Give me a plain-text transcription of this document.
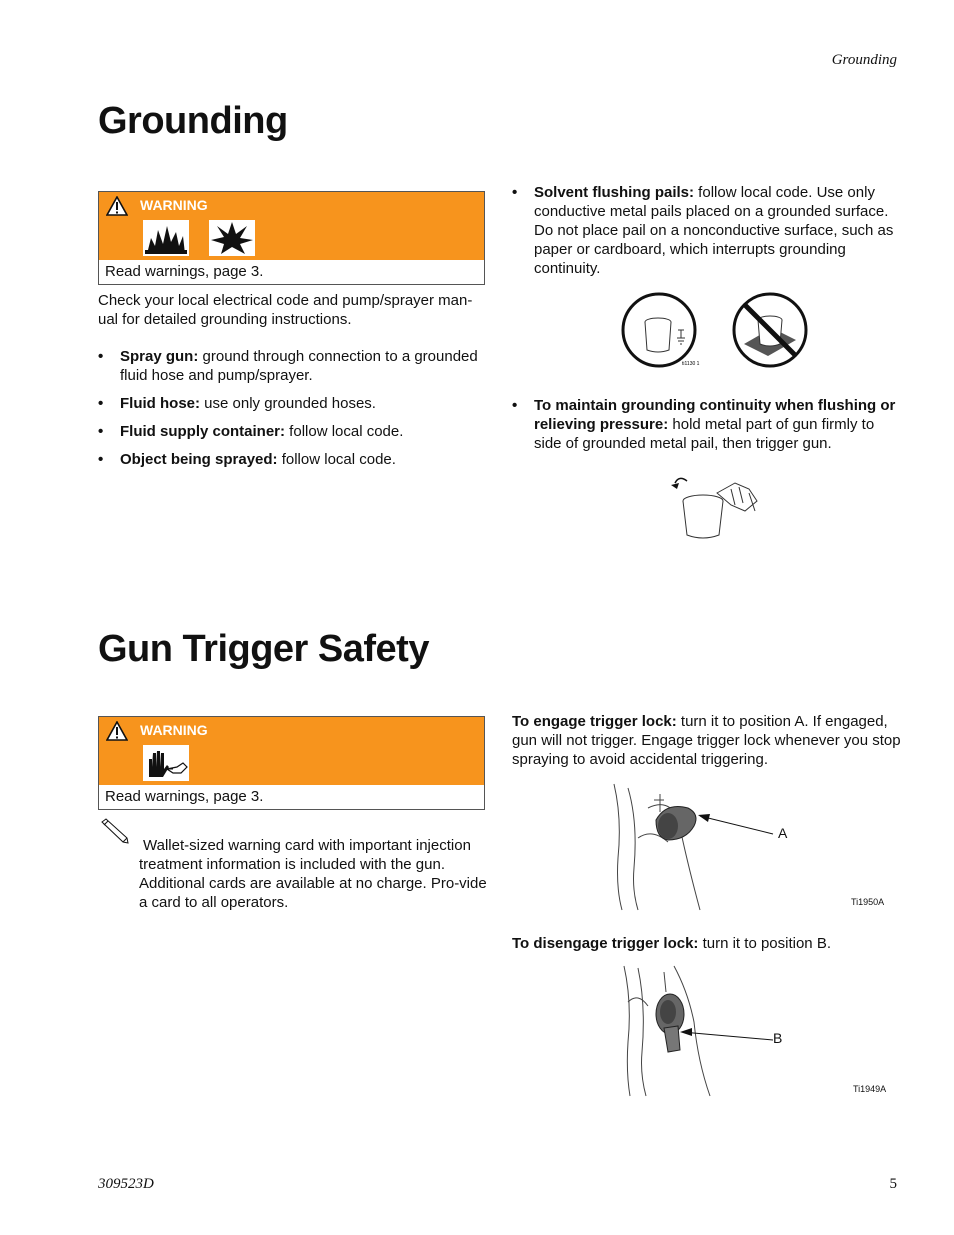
Grounding
Grounding
WARNING
Read warnings, page 3.
Check your local electrical code and pump/sprayer man-ual for detailed grounding instructions.
• Spray gun: ground through connection to a grounded fluid hose and pump/sprayer.
• Fluid hose: use only grounded hoses.
• Fluid supply container: follow local code.
• Object being sprayed: follow local code.
• Solvent flushing pails: follow local code. Use only conductive metal pails placed on a grounded surface. Do not place pail on a nonconductive surface, such as paper or cardboard, which interrupts grounding continuity.
ti1130 1
• To maintain grounding continuity when flushing or relieving pressure: hold metal part of gun firmly to side of grounded metal pail, then trigger gun.
Gun Trigger Safety
WARNING
Read warnings, page 3.
Wallet-sized warning card with important injection treatment information is included with the gun. Additional cards are available at no charge. Pro-vide a card to all operators.
To engage trigger lock: turn it to position A. If engaged, gun will not trigger. Engage trigger lock whenever you stop spraying to avoid accidental triggering.
A
Ti1950A
To disengage trigger lock: turn it to position B.
B
Ti1949A
309523D	5
